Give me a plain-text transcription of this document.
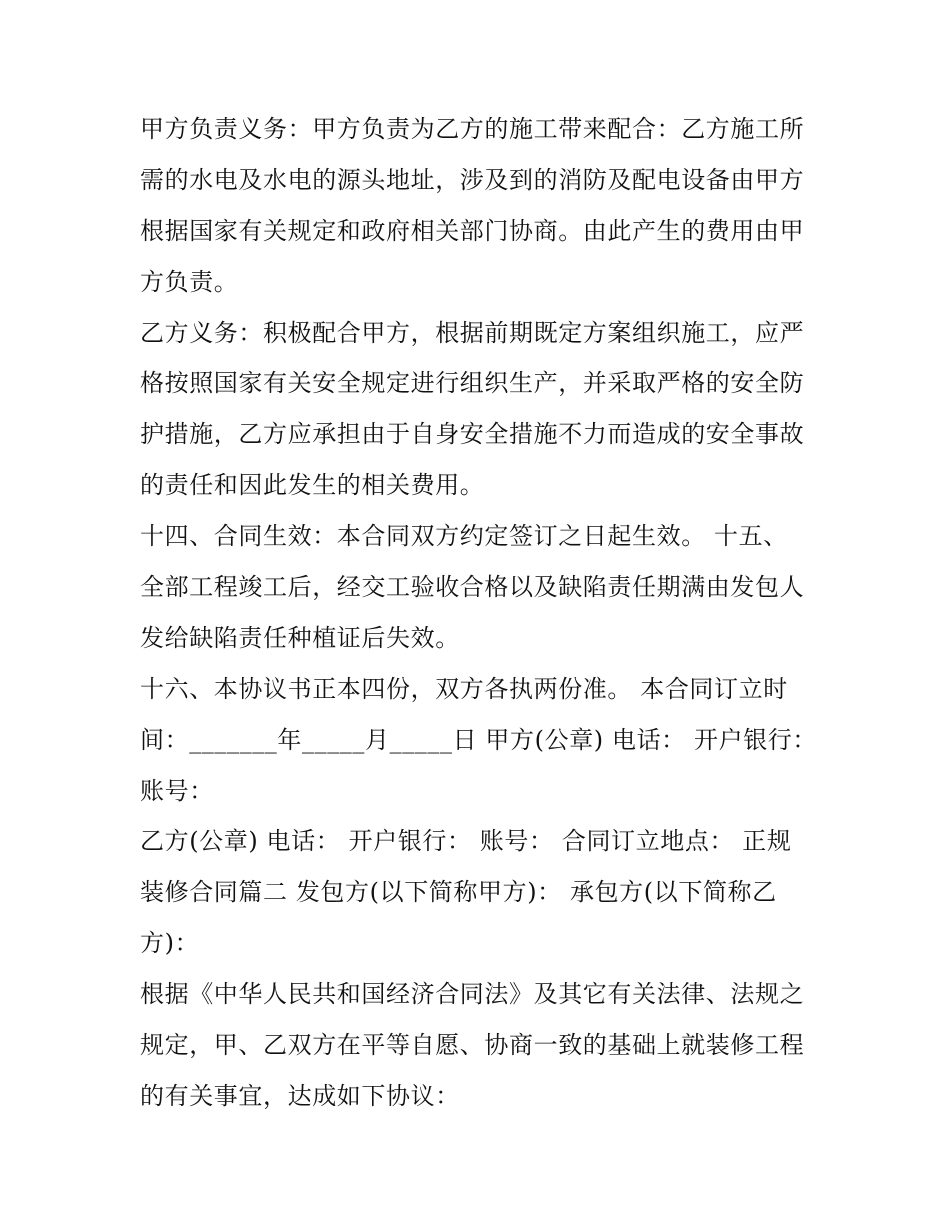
甲方负责义务：甲方负责为乙方的施工带来配合：乙方施工所
需的水电及水电的源头地址，涉及到的消防及配电设备由甲方
根据国家有关规定和政府相关部门协商。由此产生的费用由甲
方负责。
乙方义务：积极配合甲方，根据前期既定方案组织施工，应严
格按照国家有关安全规定进行组织生产，并采取严格的安全防
护措施，乙方应承担由于自身安全措施不力而造成的安全事故
的责任和因此发生的相关费用。
十四、合同生效：本合同双方约定签订之日起生效。 十五、
全部工程竣工后，经交工验收合格以及缺陷责任期满由发包人
发给缺陷责任种植证后失效。
十六、本协议书正本四份，双方各执两份准。 本合同订立时
间：_______年_____月_____日 甲方(公章) 电话： 开户银行：
账号：
乙方(公章) 电话： 开户银行： 账号： 合同订立地点： 正规
装修合同篇二 发包方(以下简称甲方)： 承包方(以下简称乙
方)：
根据《中华人民共和国经济合同法》及其它有关法律、法规之
规定，甲、乙双方在平等自愿、协商一致的基础上就装修工程
的有关事宜，达成如下协议：
